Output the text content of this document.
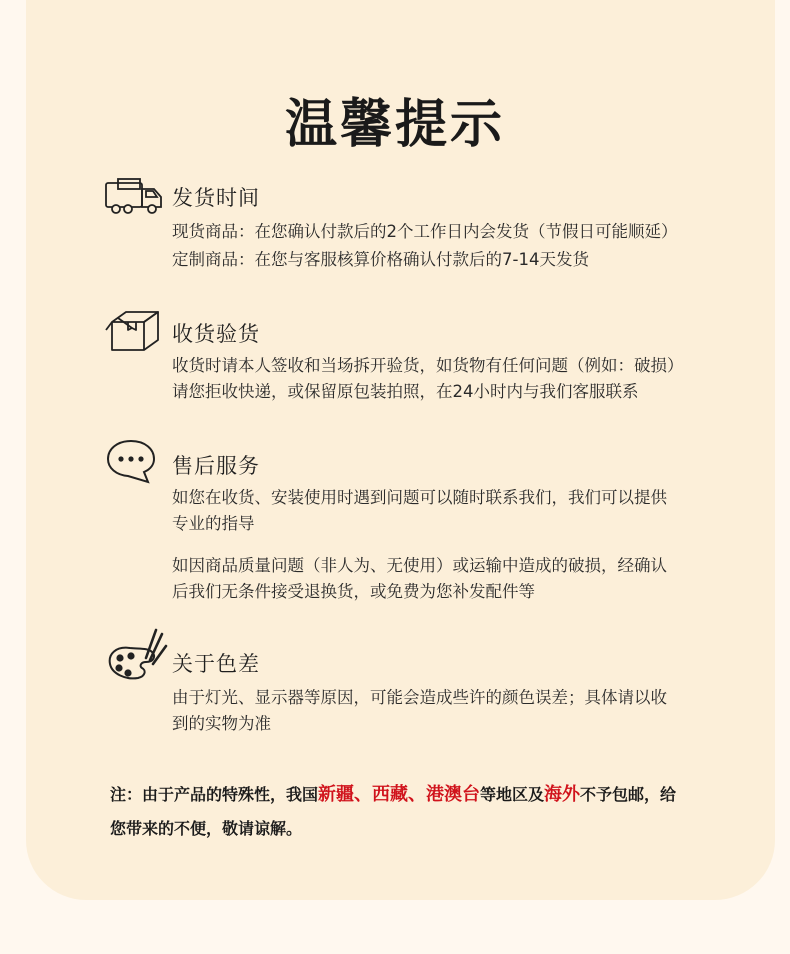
温馨提示
发货时间
现货商品：在您确认付款后的2个工作日内会发货（节假日可能顺延）
定制商品：在您与客服核算价格确认付款后的7-14天发货
收货验货
收货时请本人签收和当场拆开验货，如货物有任何问题（例如：破损）
请您拒收快递，或保留原包装拍照，在24小时内与我们客服联系
售后服务
如您在收货、安装使用时遇到问题可以随时联系我们，我们可以提供
专业的指导
如因商品质量问题（非人为、无使用）或运输中造成的破损，经确认
后我们无条件接受退换货，或免费为您补发配件等
关于色差
由于灯光、显示器等原因，可能会造成些许的颜色误差；具体请以收
到的实物为准
注：由于产品的特殊性，我国新疆、西藏、港澳台等地区及海外不予包邮，给
您带来的不便，敬请谅解。
